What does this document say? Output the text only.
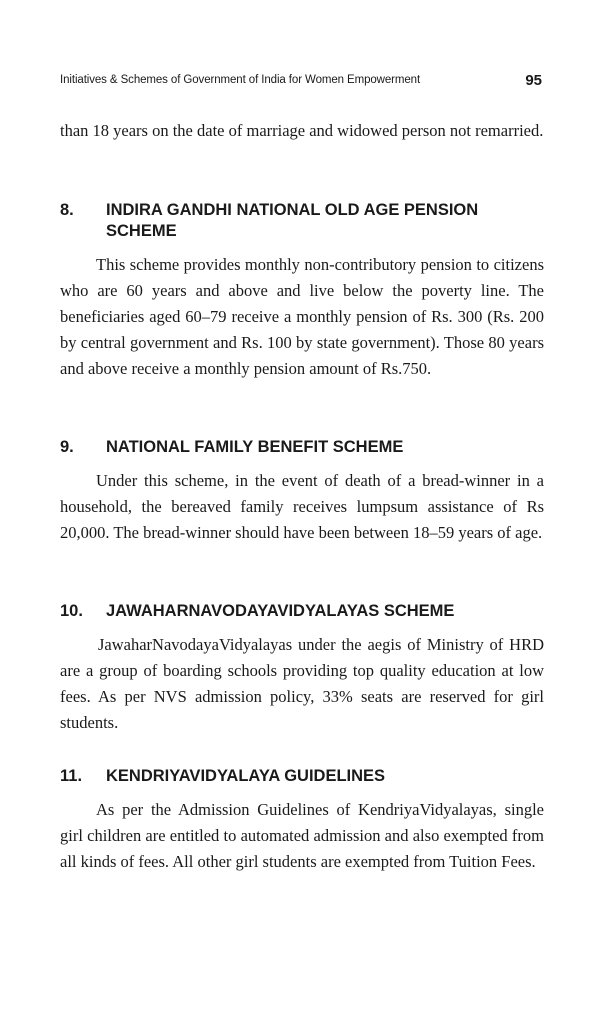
Initiatives & Schemes of Government of India for Women Empowerment	95

than 18 years on the date of marriage and widowed person not remarried.

8.	INDIRA GANDHI NATIONAL OLD AGE PENSION SCHEME

This scheme provides monthly non-contributory pension to citizens who are 60 years and above and live below the poverty line. The beneficiaries aged 60–79 receive a monthly pension of Rs. 300 (Rs. 200 by central government and Rs. 100 by state government). Those 80 years and above receive a monthly pension amount of Rs.750.

9.	NATIONAL FAMILY BENEFIT SCHEME

Under this scheme, in the event of death of a bread-winner in a household, the bereaved family receives lumpsum assistance of Rs 20,000. The bread-winner should have been between 18–59 years of age.

10.	JAWAHARNAVODAYAVIDYALAYAS SCHEME

JawaharNavodayaVidyalayas under the aegis of Ministry of HRD are a group of boarding schools providing top quality education at low fees. As per NVS admission policy, 33% seats are reserved for girl students.

11.	KENDRIYAVIDYALAYA GUIDELINES

As per the Admission Guidelines of KendriyaVidyalayas, single girl children are entitled to automated admission and also exempted from all kinds of fees. All other girl students are exempted from Tuition Fees.
